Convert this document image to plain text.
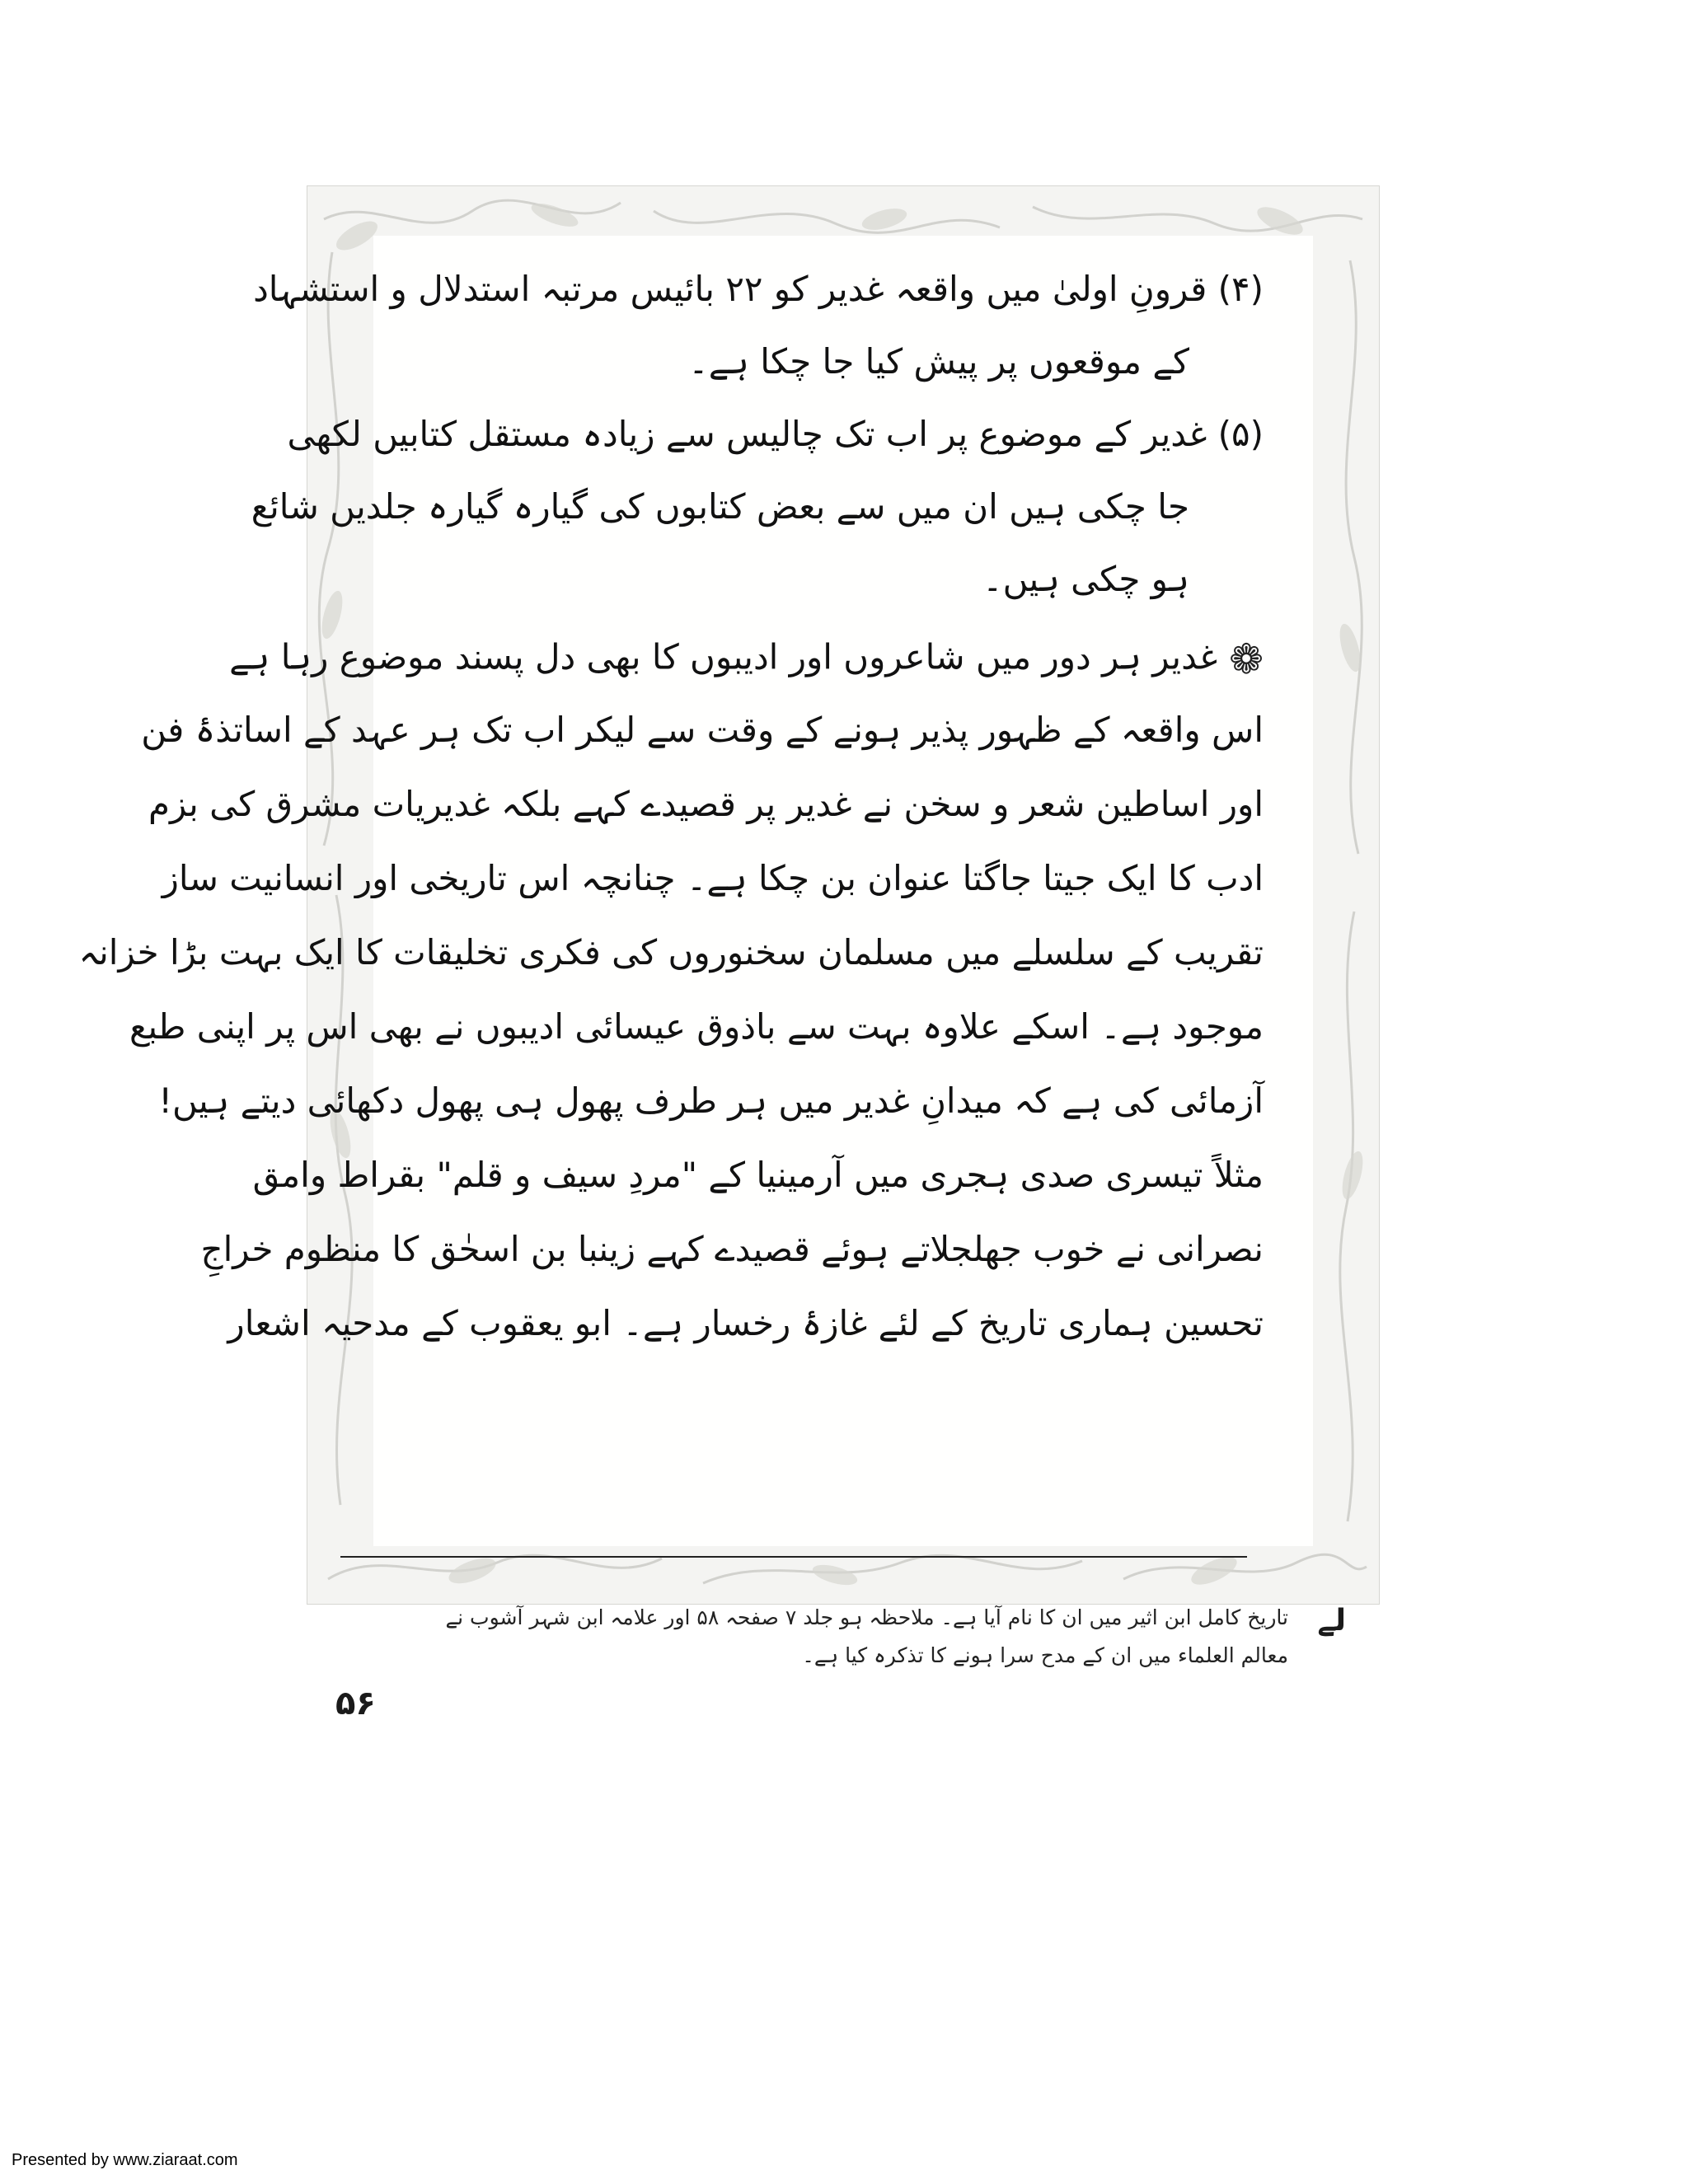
(۴) قرونِ اولیٰ میں واقعہ غدیر کو ۲۲ بائیس مرتبہ استدلال و استشہاد
کے موقعوں پر پیش کیا جا چکا ہے۔
(۵) غدیر کے موضوع پر اب تک چالیس سے زیادہ مستقل کتابیں لکھی
جا چکی ہیں ان میں سے بعض کتابوں کی گیارہ گیارہ جلدیں شائع
ہو چکی ہیں۔
❁غدیر ہر دور میں شاعروں اور ادیبوں کا بھی دل پسند موضوع رہا ہے
اس واقعہ کے ظہور پذیر ہونے کے وقت سے لیکر اب تک ہر عہد کے اساتذۂ فن
اور اساطین شعر و سخن نے غدیر پر قصیدے کہے بلکہ غدیریات مشرق کی بزم
ادب کا ایک جیتا جاگتا عنوان بن چکا ہے۔ چنانچہ اس تاریخی اور انسانیت ساز
تقریب کے سلسلے میں مسلمان سخنوروں کی فکری تخلیقات کا ایک بہت بڑا خزانہ
موجود ہے۔ اسکے علاوہ بہت سے باذوق عیسائی ادیبوں نے بھی اس پر اپنی طبع
آزمائی کی ہے کہ میدانِ غدیر میں ہر طرف پھول ہی پھول دکھائی دیتے ہیں!
مثلاً تیسری صدی ہجری میں آرمینیا کے "مردِ سیف و قلم" بقراط وامق
نصرانی نے خوب جھلجلاتے ہوئے قصیدے کہے زینبا بن اسحٰق کا منظوم خراجِ
تحسین ہماری تاریخ کے لئے غازۂ رخسار ہے۔ ابو یعقوب کے مدحیہ اشعار
لے
تاریخ کامل ابن اثیر میں ان کا نام آیا ہے۔ ملاحظہ ہو جلد ۷ صفحہ ۵۸ اور علامہ ابن شہر آشوب نے
معالم العلماء میں ان کے مدح سرا ہونے کا تذکرہ کیا ہے۔
۵۶
Presented by www.ziaraat.com
